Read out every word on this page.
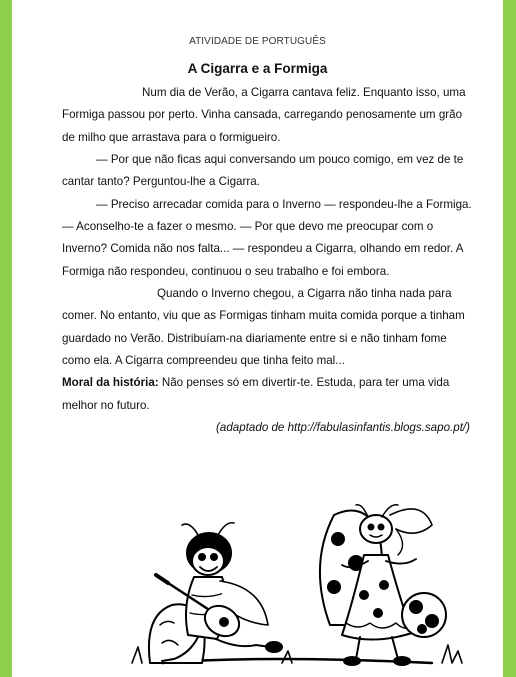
ATIVIDADE DE PORTUGUÊS
A Cigarra e a Formiga

Num dia de Verão, a Cigarra cantava feliz. Enquanto isso, uma Formiga passou por perto. Vinha cansada, carregando penosamente um grão de milho que arrastava para o formigueiro.

— Por que não ficas aqui conversando um pouco comigo, em vez de te cantar tanto? Perguntou-lhe a Cigarra.

— Preciso arrecadar comida para o Inverno — respondeu-lhe a Formiga. — Aconselho-te a fazer o mesmo. — Por que devo me preocupar com o Inverno? Comida não nos falta... — respondeu a Cigarra, olhando em redor. A Formiga não respondeu, continuou o seu trabalho e foi embora.

Quando o Inverno chegou, a Cigarra não tinha nada para comer. No entanto, viu que as Formigas tinham muita comida porque a tinham guardado no Verão. Distribuíam-na diariamente entre si e não tinham fome como ela. A Cigarra compreendeu que tinha feito mal...

Moral da história: Não penses só em divertir-te. Estuda, para ter uma vida melhor no futuro.

(adaptado de http://fabulasinfantis.blogs.sapo.pt/)
